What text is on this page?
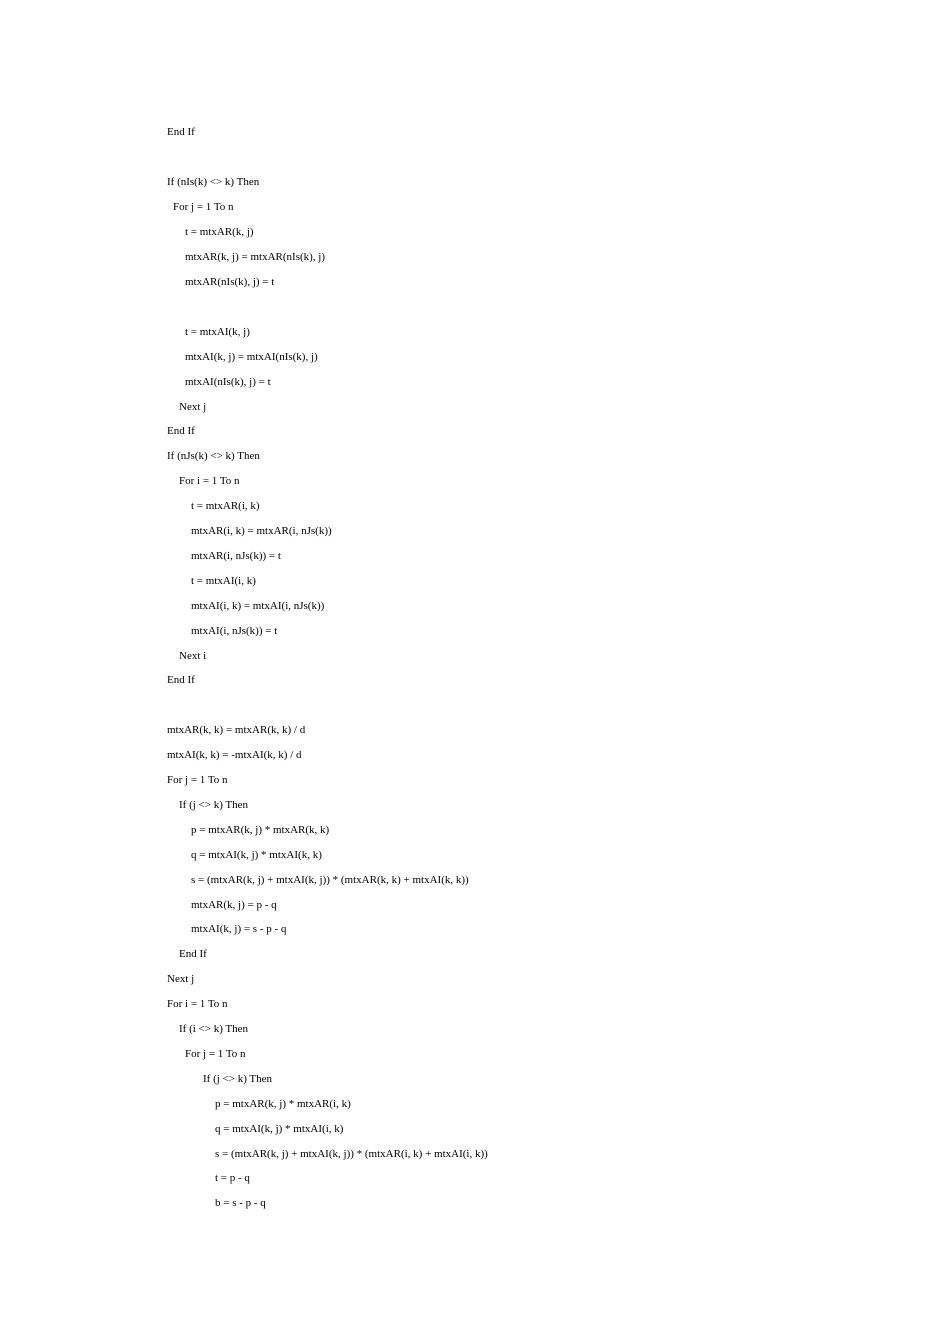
End If
If (nIs(k) <> k) Then
For j = 1 To n
t = mtxAR(k, j)
mtxAR(k, j) = mtxAR(nIs(k), j)
mtxAR(nIs(k), j) = t
t = mtxAI(k, j)
mtxAI(k, j) = mtxAI(nIs(k), j)
mtxAI(nIs(k), j) = t
Next j
End If
If (nJs(k) <> k) Then
For i = 1 To n
t = mtxAR(i, k)
mtxAR(i, k) = mtxAR(i, nJs(k))
mtxAR(i, nJs(k)) = t
t = mtxAI(i, k)
mtxAI(i, k) = mtxAI(i, nJs(k))
mtxAI(i, nJs(k)) = t
Next i
End If
mtxAR(k, k) = mtxAR(k, k) / d
mtxAI(k, k) = -mtxAI(k, k) / d
For j = 1 To n
If (j <> k) Then
p = mtxAR(k, j) * mtxAR(k, k)
q = mtxAI(k, j) * mtxAI(k, k)
s = (mtxAR(k, j) + mtxAI(k, j)) * (mtxAR(k, k) + mtxAI(k, k))
mtxAR(k, j) = p - q
mtxAI(k, j) = s - p - q
End If
Next j
For i = 1 To n
If (i <> k) Then
For j = 1 To n
If (j <> k) Then
p = mtxAR(k, j) * mtxAR(i, k)
q = mtxAI(k, j) * mtxAI(i, k)
s = (mtxAR(k, j) + mtxAI(k, j)) * (mtxAR(i, k) + mtxAI(i, k))
t = p - q
b = s - p - q
